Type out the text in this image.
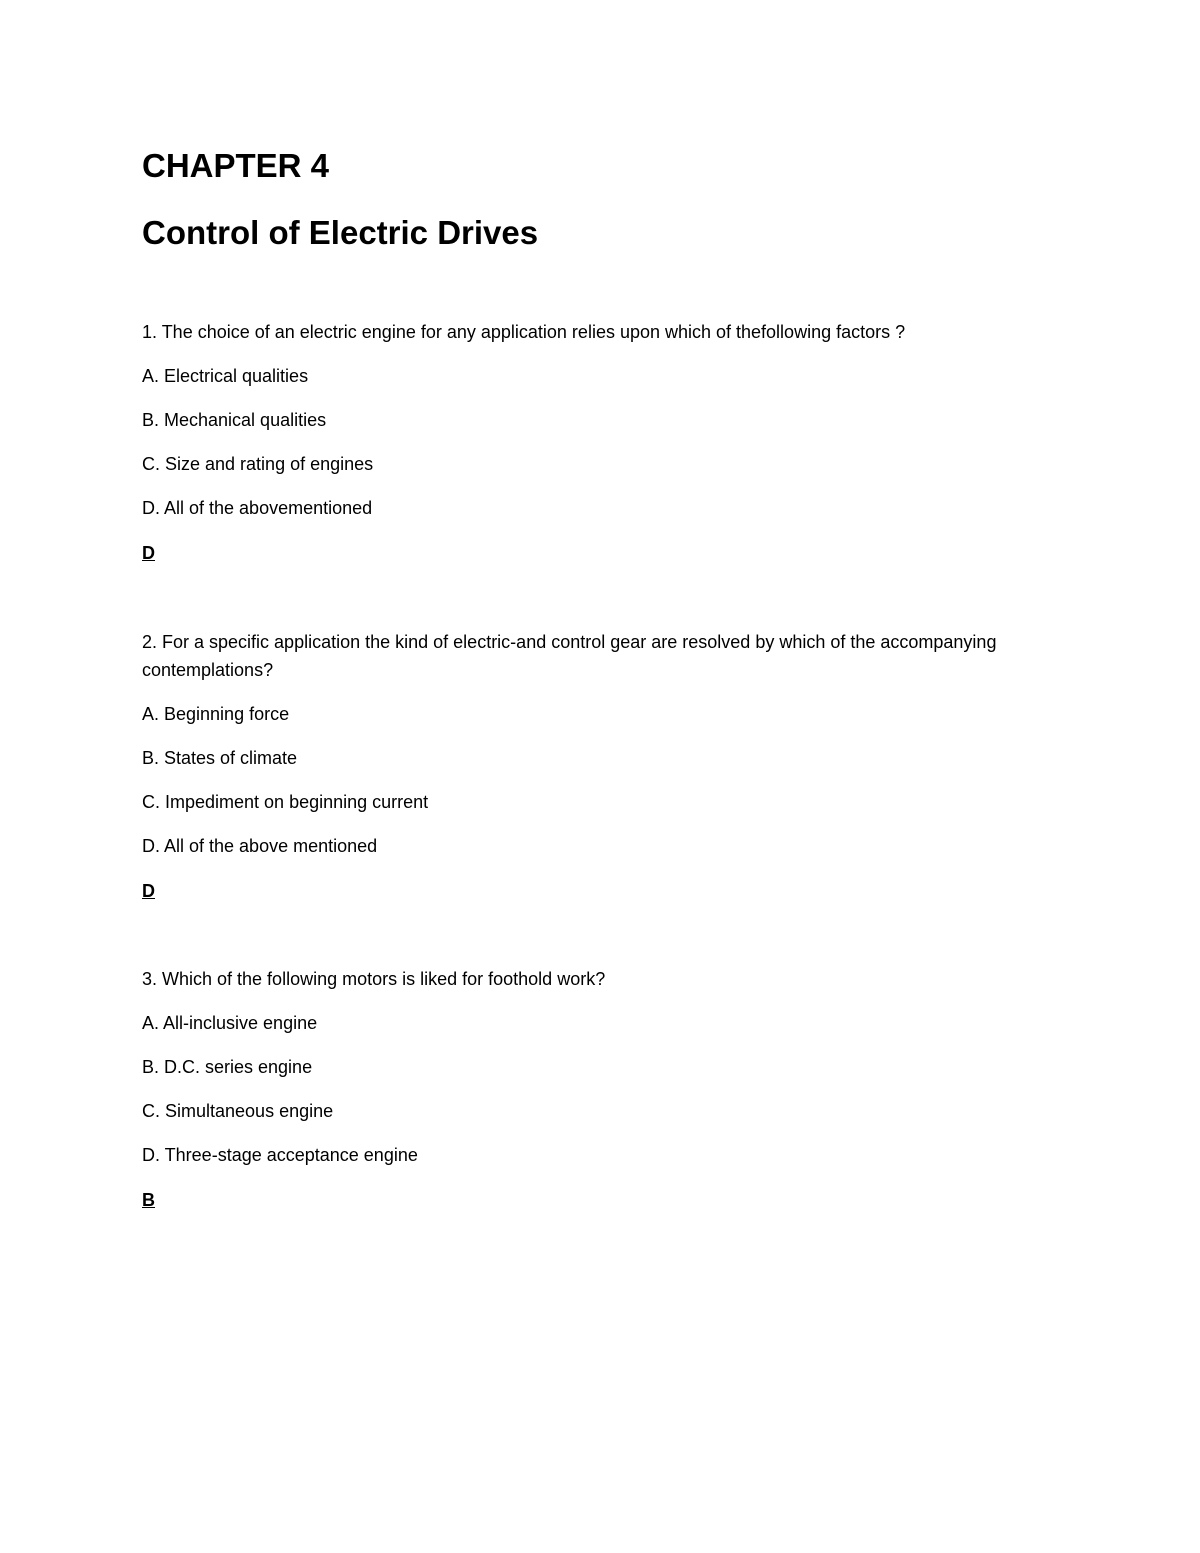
CHAPTER 4
Control of Electric Drives

1. The choice of an electric engine for any application relies upon which of thefollowing factors ?

A. Electrical qualities

B. Mechanical qualities

C. Size and rating of engines

D. All of the abovementioned

D

2. For a specific application the kind of electric-and control gear are resolved by which of the accompanying contemplations?

A. Beginning force

B. States of climate

C. Impediment on beginning current

D. All of the above mentioned

D

3. Which of the following motors is liked for foothold work?

A. All-inclusive engine

B. D.C. series engine

C. Simultaneous engine

D. Three-stage acceptance engine

B
